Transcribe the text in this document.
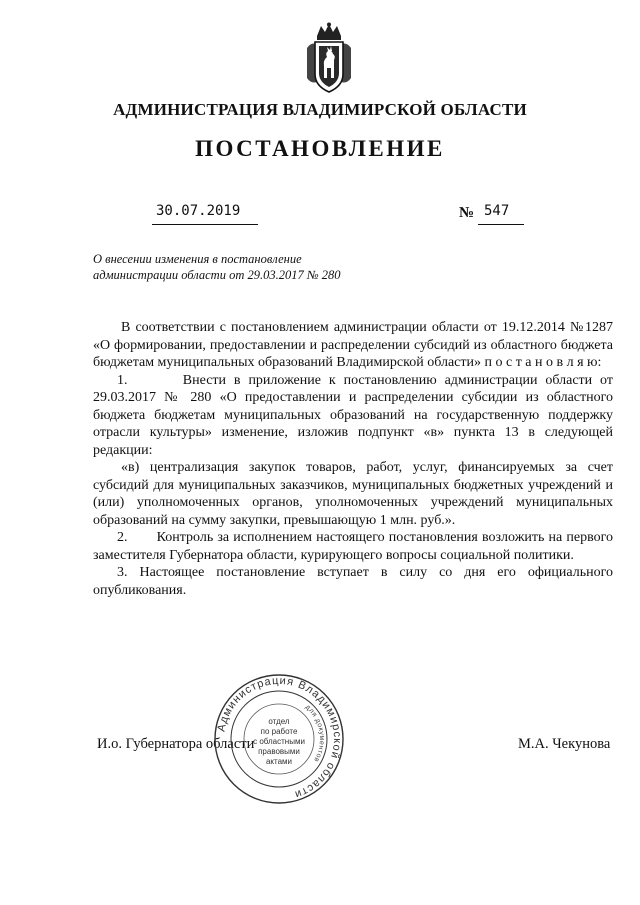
АДМИНИСТРАЦИЯ ВЛАДИМИРСКОЙ ОБЛАСТИ
ПОСТАНОВЛЕНИЕ
30.07.2019	№ 547
О внесении изменения в постановление
администрации области от 29.03.2017 № 280

В соответствии с постановлением администрации области от 19.12.2014 №1287 «О формировании, предоставлении и распределении субсидий из областного бюджета бюджетам муниципальных образований Владимирской области» п о с т а н о в л я ю:

1.       Внести в приложение к постановлению администрации области от 29.03.2017 № 280 «О предоставлении и распределении субсидии из областного бюджета бюджетам муниципальных образований на государственную поддержку отрасли культуры» изменение, изложив подпункт «в» пункта 13 в следующей редакции:

«в) централизация закупок товаров, работ, услуг, финансируемых за счет субсидий для муниципальных заказчиков, муниципальных бюджетных учреждений и (или) уполномоченных органов, уполномоченных учреждений муниципальных образований на сумму закупки, превышающую 1 млн. руб.».

2.       Контроль за исполнением настоящего постановления возложить на первого заместителя Губернатора области, курирующего вопросы социальной политики.

3. Настоящее постановление вступает в силу со дня его официального опубликования.

И.о. Губернатора области	М.А. Чекунова
Администрация Владимирской области
для документов
отдел
по работе
с областными
правовыми
актами
